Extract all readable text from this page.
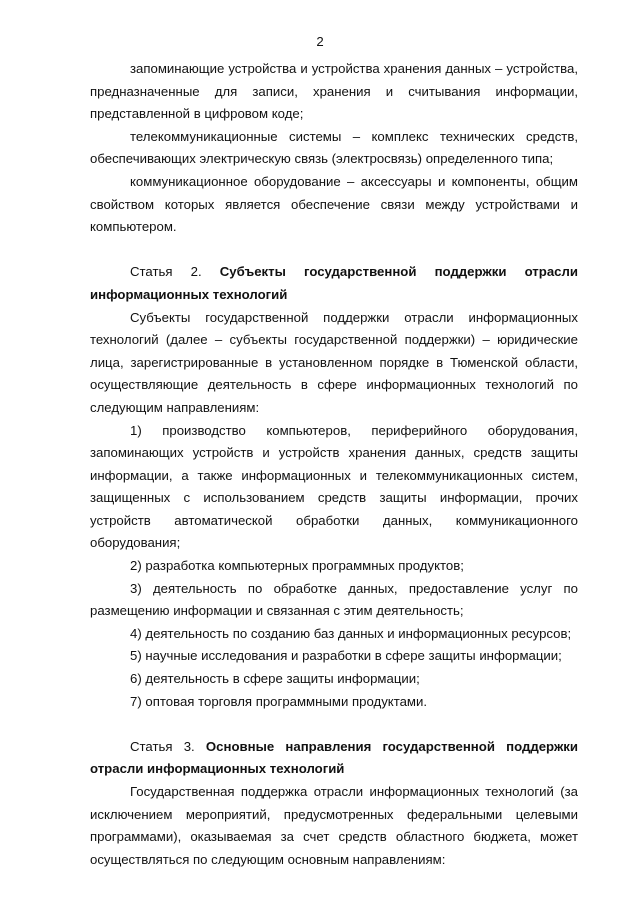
2

запоминающие устройства и устройства хранения данных – устройства, предназначенные для записи, хранения и считывания информации, представленной в цифровом коде;

телекоммуникационные системы – комплекс технических средств, обеспечивающих электрическую связь (электросвязь) определенного типа;

коммуникационное оборудование – аксессуары и компоненты, общим свойством которых является обеспечение связи между устройствами и компьютером.

Статья 2. Субъекты государственной поддержки отрасли информационных технологий

Субъекты государственной поддержки отрасли информационных технологий (далее – субъекты государственной поддержки) – юридические лица, зарегистрированные в установленном порядке в Тюменской области, осуществляющие деятельность в сфере информационных технологий по следующим направлениям:

1) производство компьютеров, периферийного оборудования, запоминающих устройств и устройств хранения данных, средств защиты информации, а также информационных и телекоммуникационных систем, защищенных с использованием средств защиты информации, прочих устройств автоматической обработки данных, коммуникационного оборудования;

2) разработка компьютерных программных продуктов;

3) деятельность по обработке данных, предоставление услуг по размещению информации и связанная с этим деятельность;

4) деятельность по созданию баз данных и информационных ресурсов;

5) научные исследования и разработки в сфере защиты информации;

6) деятельность в сфере защиты информации;

7) оптовая торговля программными продуктами.

Статья 3. Основные направления государственной поддержки отрасли информационных технологий

Государственная поддержка отрасли информационных технологий (за исключением мероприятий, предусмотренных федеральными целевыми программами), оказываемая за счет средств областного бюджета, может осуществляться по следующим основным направлениям:
